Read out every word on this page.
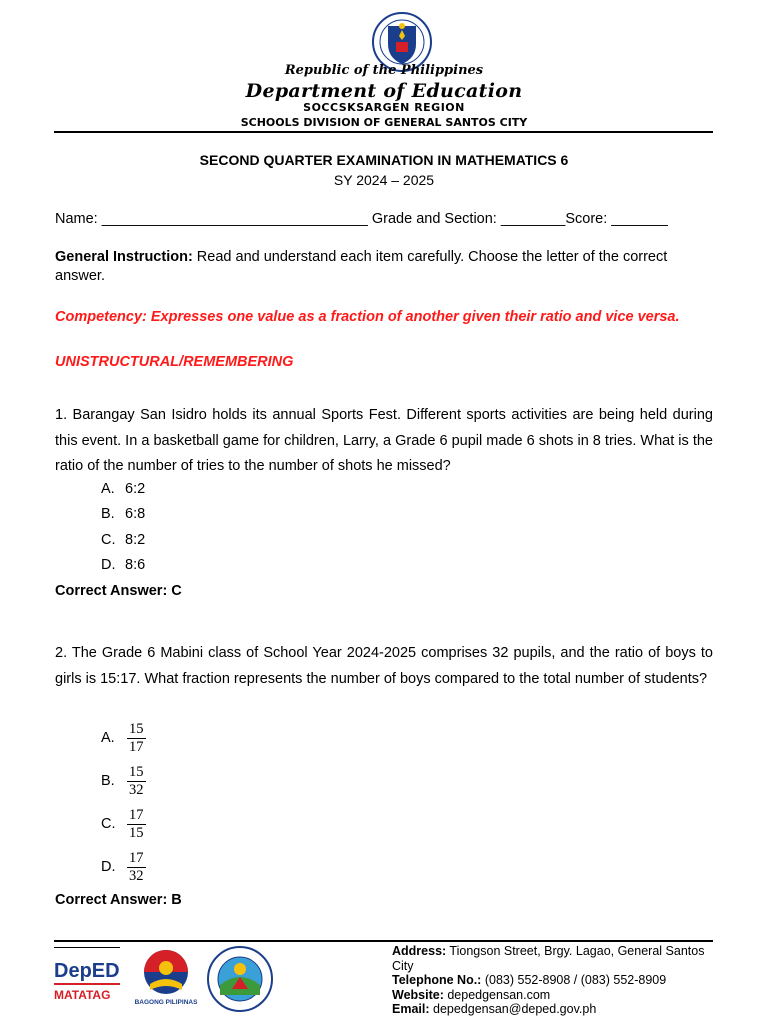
Republic of the Philippines
Department of Education
SOCCSKSARGEN REGION
SCHOOLS DIVISION OF GENERAL SANTOS CITY
SECOND QUARTER EXAMINATION IN MATHEMATICS 6
SY 2024 – 2025
Name: _________________________________ Grade and Section: ________Score: _______
General Instruction: Read and understand each item carefully. Choose the letter of the correct answer.
Competency: Expresses one value as a fraction of another given their ratio and vice versa.
UNISTRUCTURAL/REMEMBERING
1. Barangay San Isidro holds its annual Sports Fest. Different sports activities are being held during this event. In a basketball game for children, Larry, a Grade 6 pupil made 6 shots in 8 tries. What is the ratio of the number of tries to the number of shots he missed?
A. 6:2
B. 6:8
C. 8:2
D. 8:6
Correct Answer: C
2. The Grade 6 Mabini class of School Year 2024-2025 comprises 32 pupils, and the ratio of boys to girls is 15:17. What fraction represents the number of boys compared to the total number of students?
A. $\frac{15}{17}$
B. $\frac{15}{32}$
C. $\frac{17}{15}$
D. $\frac{17}{32}$
Correct Answer: B
DepED
MATATAG
BAGONG PILIPINAS
Address: Tiongson Street, Brgy. Lagao, General Santos City
Telephone No.: (083) 552-8908 / (083) 552-8909
Website: depedgensan.com
Email: depedgensan@deped.gov.ph
